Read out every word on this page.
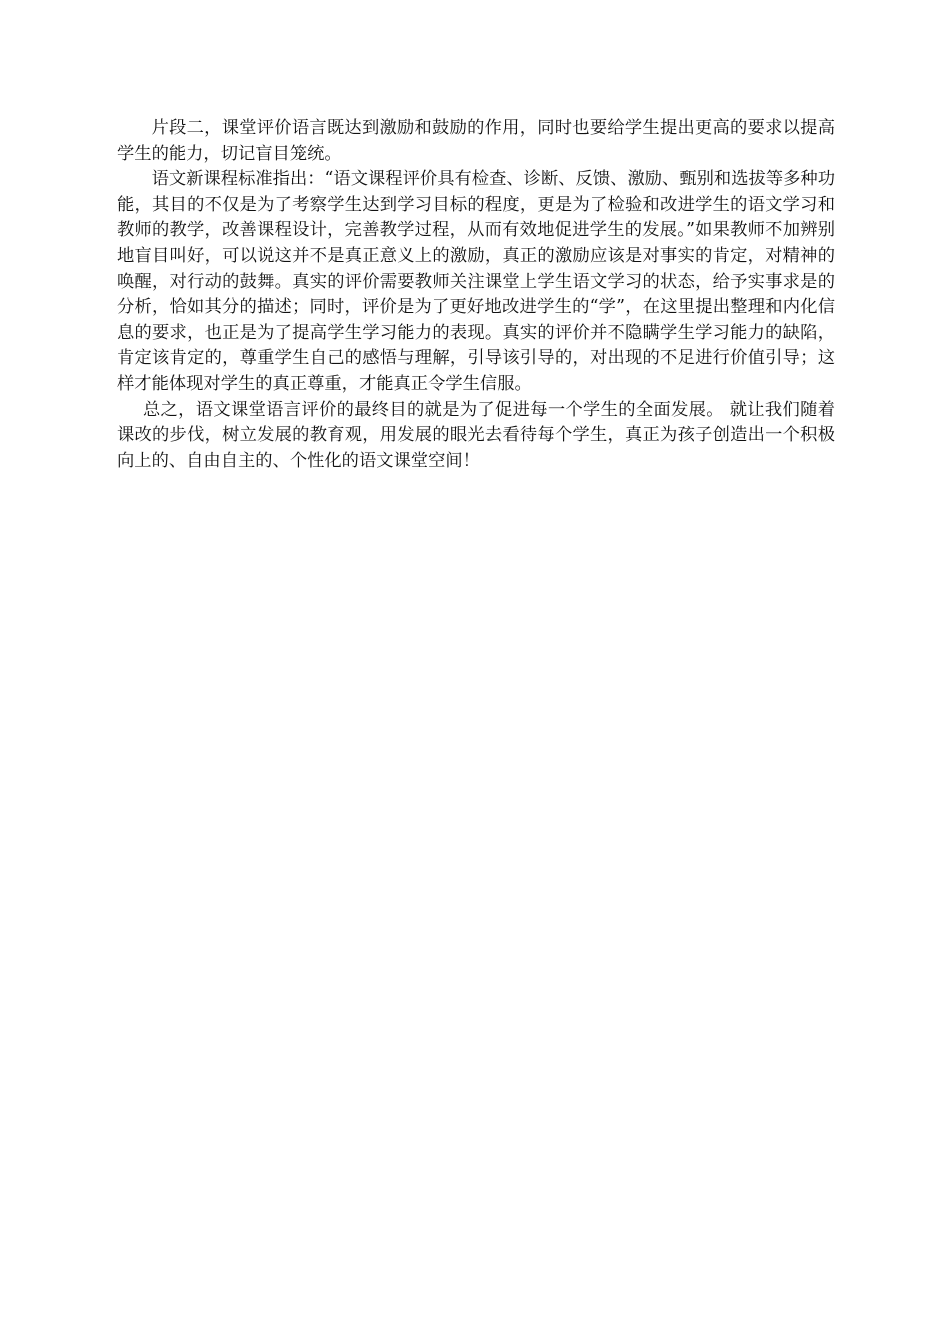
片段二，课堂评价语言既达到激励和鼓励的作用，同时也要给学生提出更高的要求以提高学生的能力，切记盲目笼统。

语文新课程标准指出：“语文课程评价具有检查、诊断、反馈、激励、甄别和选拔等多种功能，其目的不仅是为了考察学生达到学习目标的程度，更是为了检验和改进学生的语文学习和教师的教学，改善课程设计，完善教学过程，从而有效地促进学生的发展。”如果教师不加辨别地盲目叫好，可以说这并不是真正意义上的激励，真正的激励应该是对事实的肯定，对精神的唤醒，对行动的鼓舞。真实的评价需要教师关注课堂上学生语文学习的状态，给予实事求是的分析，恰如其分的描述；同时，评价是为了更好地改进学生的“学”，在这里提出整理和内化信息的要求，也正是为了提高学生学习能力的表现。真实的评价并不隐瞒学生学习能力的缺陷，肯定该肯定的，尊重学生自己的感悟与理解，引导该引导的，对出现的不足进行价值引导；这样才能体现对学生的真正尊重，才能真正令学生信服。

总之，语文课堂语言评价的最终目的就是为了促进每一个学生的全面发展。 就让我们随着课改的步伐，树立发展的教育观，用发展的眼光去看待每个学生，真正为孩子创造出一个积极向上的、自由自主的、个性化的语文课堂空间！
